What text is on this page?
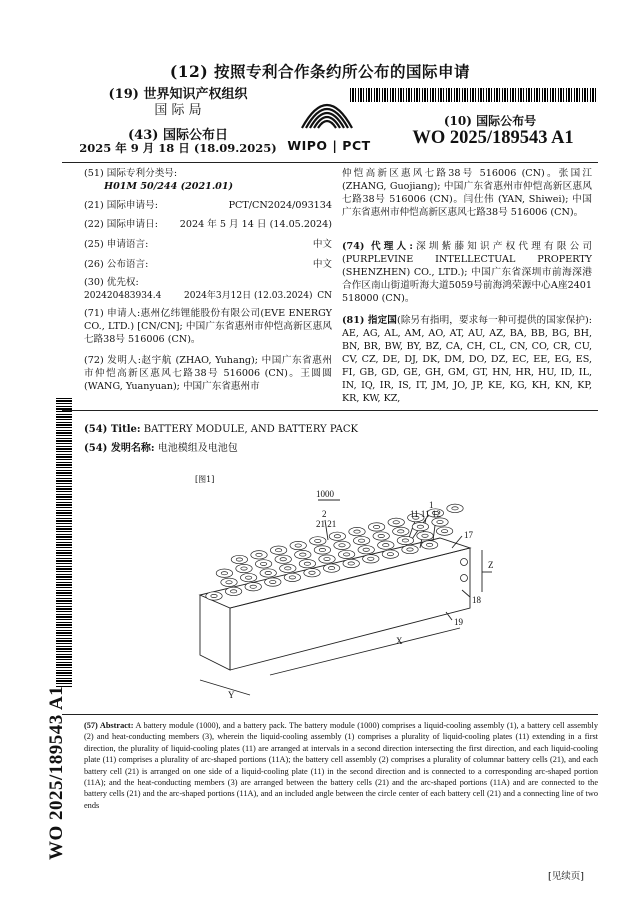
(12) 按照专利合作条约所公布的国际申请
(19) 世界知识产权组织
国 际 局
(43) 国际公布日
2025 年 9 月 18 日 (18.09.2025) WIPO | PCT
(10) 国际公布号
WO 2025/189543 A1
WO 2025/189543 A1
(51) 国际专利分类号:
H01M 50/244 (2021.01)
(21) 国际申请号:	PCT/CN2024/093134
(22) 国际申请日: 2024 年 5 月 14 日 (14.05.2024)
(25) 申请语言:	中文
(26) 公布语言:	中文
(30) 优先权:
202420483934.4	2024年3月12日 (12.03.2024) CN
(71) 申请人:惠州亿纬锂能股份有限公司(EVE ENERGY CO., LTD.) [CN/CN]; 中国广东省惠州市仲恺高新区惠风七路38号 516006 (CN)。
(72) 发明人:赵宇航 (ZHAO, Yuhang); 中国广东省惠州市仲恺高新区惠风七路38号 516006 (CN)。王圆圆 (WANG, Yuanyuan); 中国广东省惠州市
仲恺高新区惠风七路38号 516006 (CN)。张国江 (ZHANG, Guojiang); 中国广东省惠州市仲恺高新区惠风七路38号 516006 (CN)。闫仕伟 (YAN, Shiwei); 中国广东省惠州市仲恺高新区惠风七路38号 516006 (CN)。
(74) 代理人:深圳紫藤知识产权代理有限公司 (PURPLEVINE INTELLECTUAL PROPERTY (SHENZHEN) CO., LTD.); 中国广东省深圳市前海深港合作区南山街道听海大道5059号前海鸿荣源中心A座2401 518000 (CN)。
(81) 指定国(除另有指明，要求每一种可提供的国家保护): AE, AG, AL, AM, AO, AT, AU, AZ, BA, BB, BG, BH, BN, BR, BW, BY, BZ, CA, CH, CL, CN, CO, CR, CU, CV, CZ, DE, DJ, DK, DM, DO, DZ, EC, EE, EG, ES, FI, GB, GD, GE, GH, GM, GT, HN, HR, HU, ID, IL, IN, IQ, IR, IS, IT, JM, JO, JP, KE, KG, KH, KN, KP, KR, KW, KZ,
(54) Title: BATTERY MODULE, AND BATTERY PACK
(54) 发明名称: 电池模组及电池包
[图1]
1000
1
11 11 12
2
21 21
17
18
19
Z
X
Y
(57) Abstract: A battery module (1000), and a battery pack. The battery module (1000) comprises a liquid-cooling assembly (1), a battery cell assembly (2) and heat-conducting members (3), wherein the liquid-cooling assembly (1) comprises a plurality of liquid-cooling plates (11) extending in a first direction, the plurality of liquid-cooling plates (11) are arranged at intervals in a second direction intersecting the first direction, and each liquid-cooling plate (11) comprises a plurality of arc-shaped portions (11A); the battery cell assembly (2) comprises a plurality of columnar battery cells (21), and each battery cell (21) is arranged on one side of a liquid-cooling plate (11) in the second direction and is connected to a corresponding arc-shaped portion (11A); and the heat-conducting members (3) are arranged between the battery cells (21) and the arc-shaped portions (11A) and are connected to the battery cells (21) and the arc-shaped portions (11A), and an included angle between the circle center of each battery cell (21) and a connecting line of two ends
[见续页]
